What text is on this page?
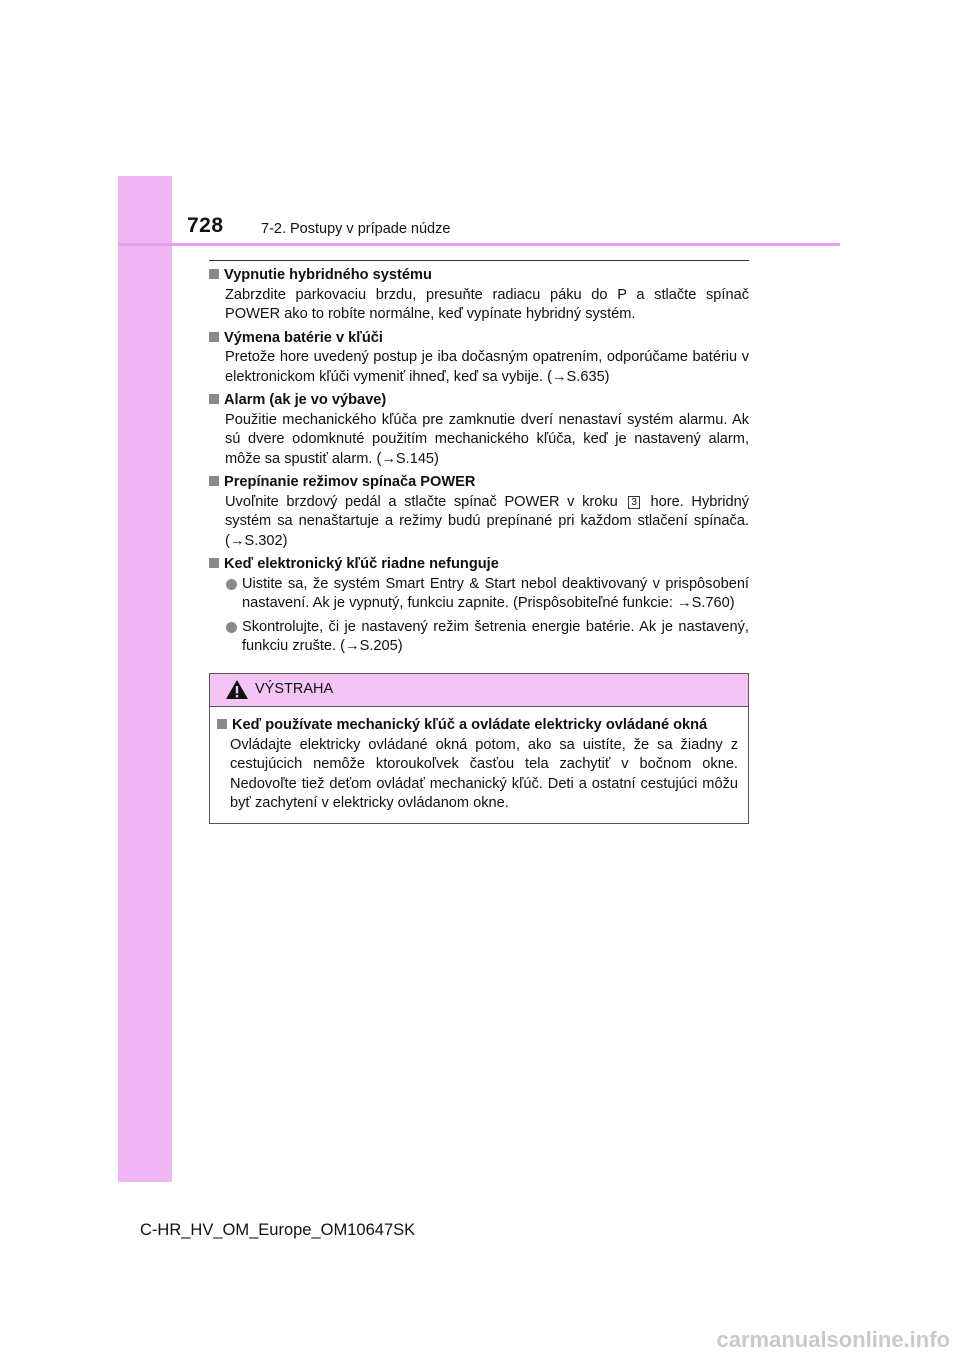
728	7-2. Postupy v prípade núdze
Vypnutie hybridného systému
Zabrzdite parkovaciu brzdu, presuňte radiacu páku do P a stlačte spínač POWER ako to robíte normálne, keď vypínate hybridný systém.
Výmena batérie v kľúči
Pretože hore uvedený postup je iba dočasným opatrením, odporúčame batériu v elektronickom kľúči vymeniť ihneď, keď sa vybije. (→S.635)
Alarm (ak je vo výbave)
Použitie mechanického kľúča pre zamknutie dverí nenastaví systém alarmu. Ak sú dvere odomknuté použitím mechanického kľúča, keď je nastavený alarm, môže sa spustiť alarm. (→S.145)
Prepínanie režimov spínača POWER
Uvoľnite brzdový pedál a stlačte spínač POWER v kroku 3 hore. Hybridný systém sa nenaštartuje a režimy budú prepínané pri každom stlačení spínača. (→S.302)
Keď elektronický kľúč riadne nefunguje
Uistite sa, že systém Smart Entry & Start nebol deaktivovaný v prispôsobení nastavení. Ak je vypnutý, funkciu zapnite. (Prispôsobiteľné funkcie: →S.760)
Skontrolujte, či je nastavený režim šetrenia energie batérie. Ak je nastavený, funkciu zrušte. (→S.205)
VÝSTRAHA
Keď používate mechanický kľúč a ovládate elektricky ovládané okná
Ovládajte elektricky ovládané okná potom, ako sa uistíte, že sa žiadny z cestujúcich nemôže ktoroukoľvek časťou tela zachytiť v bočnom okne. Nedovoľte tiež deťom ovládať mechanický kľúč. Deti a ostatní cestujúci môžu byť zachytení v elektricky ovládanom okne.
C-HR_HV_OM_Europe_OM10647SK
carmanualsonline.info
